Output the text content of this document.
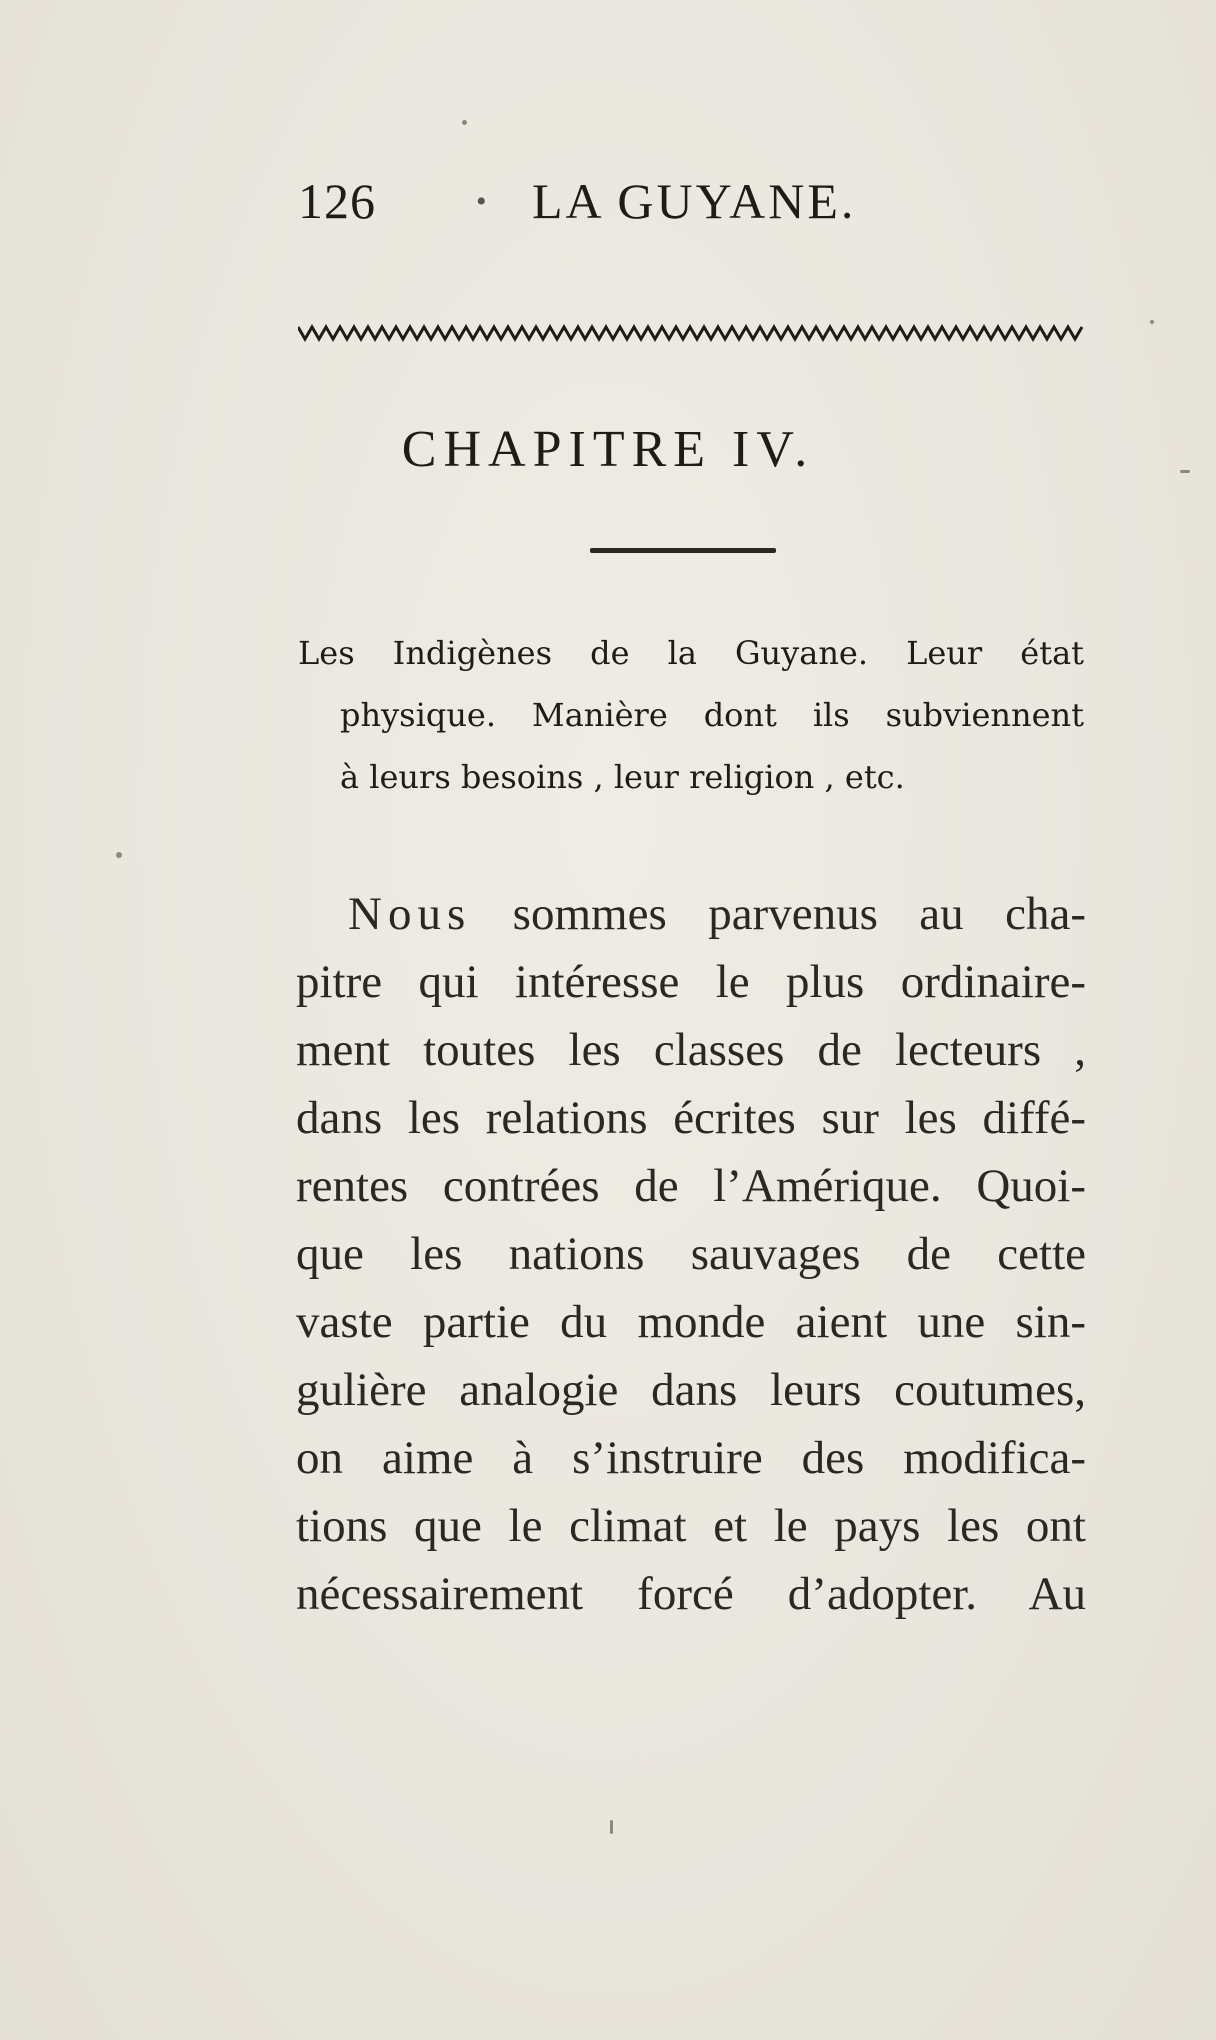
126	• LA GUYANE.
CHAPITRE IV.
Les Indigènes de la Guyane. Leur état
physique. Manière dont ils subviennent
à leurs besoins , leur religion , etc.
Nous sommes parvenus au cha-
pitre qui intéresse le plus ordinaire-
ment toutes les classes de lecteurs ,
dans les relations écrites sur les diffé-
rentes contrées de l’Amérique. Quoi-
que les nations sauvages de cette
vaste partie du monde aient une sin-
gulière analogie dans leurs coutumes,
on aime à s’instruire des modifica-
tions que le climat et le pays les ont
nécessairement forcé d’adopter. Au
